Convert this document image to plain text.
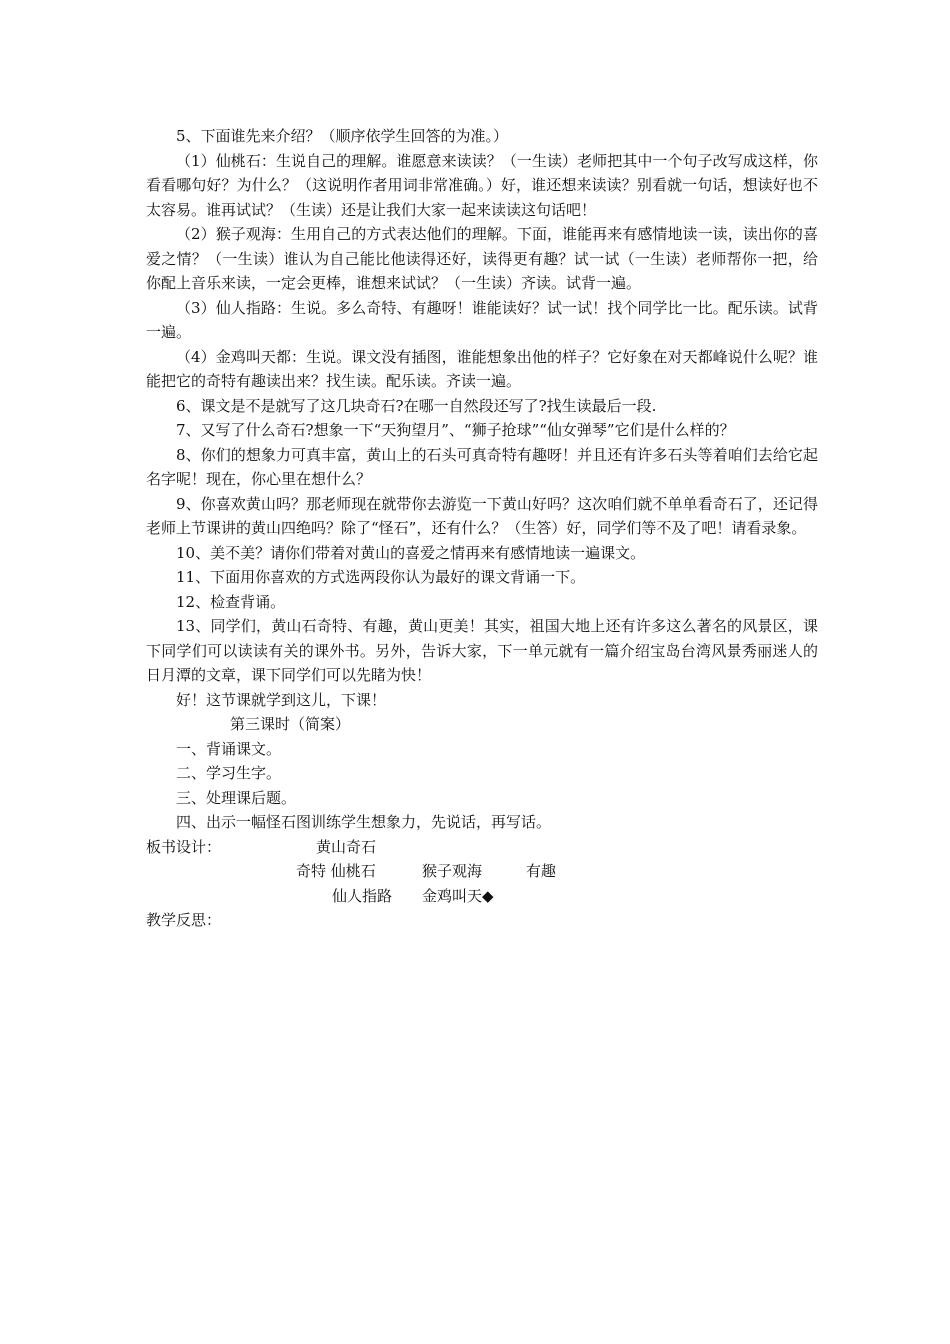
5、下面谁先来介绍？（顺序依学生回答的为准。）

（1）仙桃石：生说自己的理解。谁愿意来读读？（一生读）老师把其中一个句子改写成这样，你看看哪句好？为什么？（这说明作者用词非常准确。）好，谁还想来读读？别看就一句话，想读好也不太容易。谁再试试？（生读）还是让我们大家一起来读读这句话吧！

（2）猴子观海：生用自己的方式表达他们的理解。下面，谁能再来有感情地读一读，读出你的喜爱之情？（一生读）谁认为自己能比他读得还好，读得更有趣？试一试（一生读）老师帮你一把，给你配上音乐来读，一定会更棒，谁想来试试？（一生读）齐读。试背一遍。

（3）仙人指路：生说。多么奇特、有趣呀！谁能读好？试一试！找个同学比一比。配乐读。试背一遍。

（4）金鸡叫天都：生说。课文没有插图，谁能想象出他的样子？它好象在对天都峰说什么呢？谁能把它的奇特有趣读出来？找生读。配乐读。齐读一遍。

6、课文是不是就写了这几块奇石?在哪一自然段还写了?找生读最后一段.

7、又写了什么奇石?想象一下“天狗望月”、“狮子抢球”“仙女弹琴”它们是什么样的？

8、你们的想象力可真丰富，黄山上的石头可真奇特有趣呀！并且还有许多石头等着咱们去给它起名字呢！现在，你心里在想什么？

9、你喜欢黄山吗？那老师现在就带你去游览一下黄山好吗？这次咱们就不单单看奇石了，还记得老师上节课讲的黄山四绝吗？除了“怪石”，还有什么？（生答）好，同学们等不及了吧！请看录象。

10、美不美？请你们带着对黄山的喜爱之情再来有感情地读一遍课文。

11、下面用你喜欢的方式选两段你认为最好的课文背诵一下。

12、检查背诵。

13、同学们，黄山石奇特、有趣，黄山更美！其实，祖国大地上还有许多这么著名的风景区，课下同学们可以读读有关的课外书。另外，告诉大家，下一单元就有一篇介绍宝岛台湾风景秀丽迷人的日月潭的文章，课下同学们可以先睹为快！

好！这节课就学到这儿，下课！

第三课时（简案）

一、背诵课文。

二、学习生字。

三、处理课后题。

四、出示一幅怪石图训练学生想象力，先说话，再写话。

板书设计：	黄山奇石
奇特 仙桃石	猴子观海	有趣
仙人指路 金鸡叫天◆

教学反思：
